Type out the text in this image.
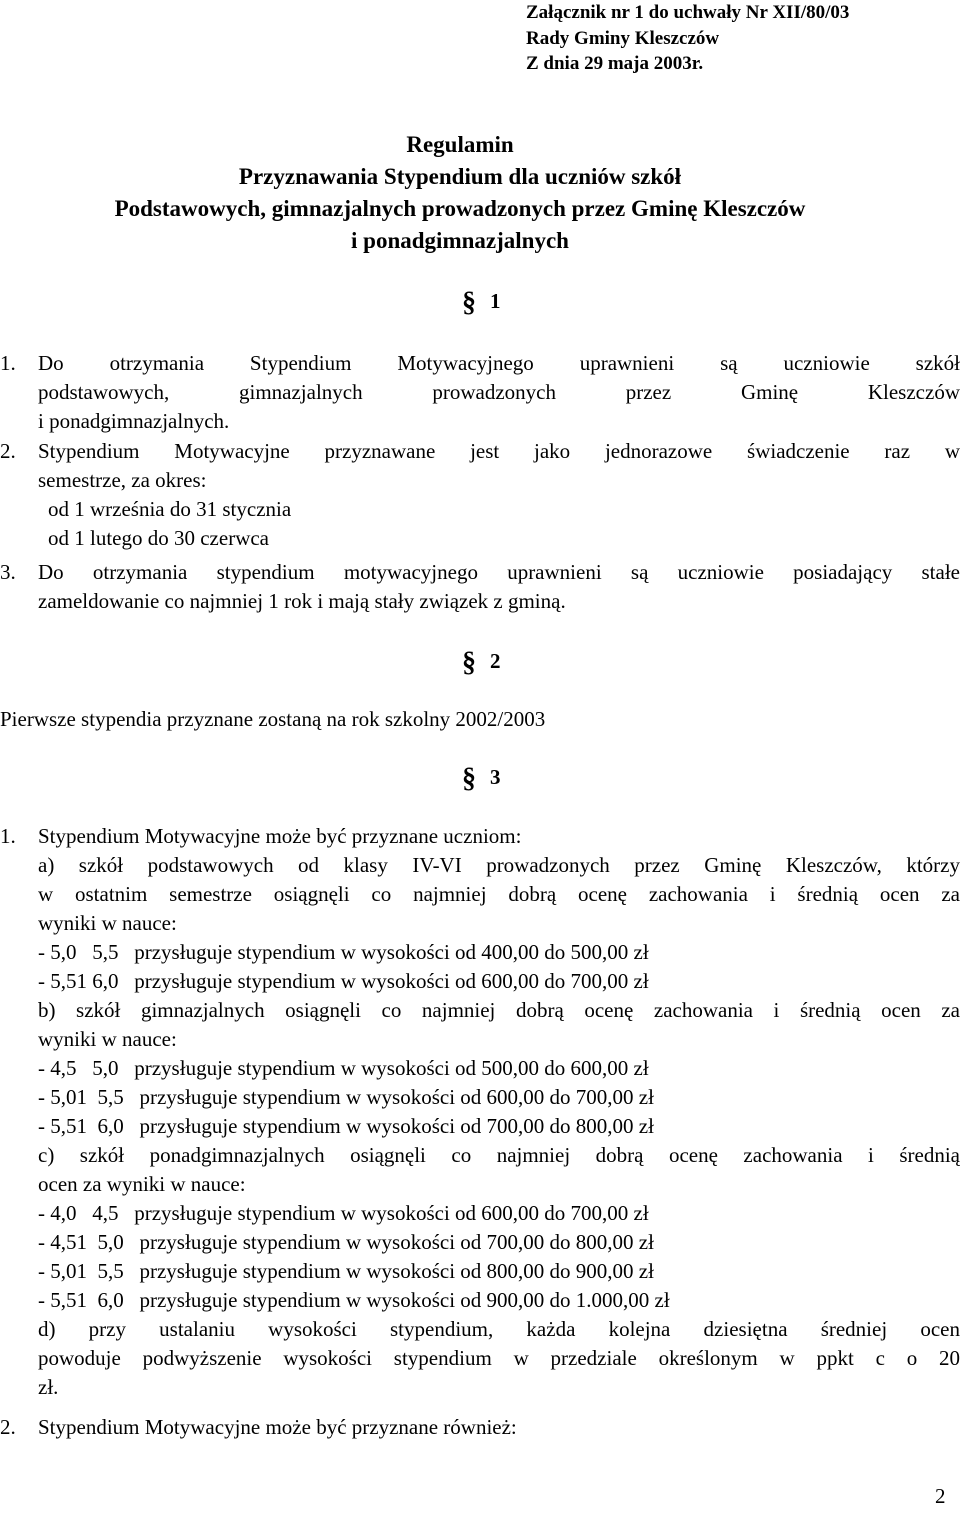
Załącznik nr 1 do uchwały Nr XII/80/03
Rady Gminy Kleszczów
Z dnia 29 maja 2003r.
Regulamin
Przyznawania Stypendium dla uczniów szkół
Podstawowych, gimnazjalnych prowadzonych przez Gminę Kleszczów
i ponadgimnazjalnych
§ 1
1. Do otrzymania Stypendium Motywacyjnego uprawnieni są uczniowie szkół

podstawowych, gimnazjalnych prowadzonych przez Gminę Kleszczów

i ponadgimnazjalnych.

2. Stypendium Motywacyjne przyznawane jest jako jednorazowe świadczenie raz w

semestrze, za okres:

od 1 września do 31 stycznia

od 1 lutego do 30 czerwca

3. Do otrzymania stypendium motywacyjnego uprawnieni są uczniowie posiadający stałe

zameldowanie co najmniej 1 rok i mają stały związek z gminą.

§ 2
Pierwsze stypendia przyznane zostaną na rok szkolny 2002/2003
§ 3
1. Stypendium Motywacyjne może być przyznane uczniom:

a) szkół podstawowych od klasy IV-VI prowadzonych przez Gminę Kleszczów, którzy

w ostatnim semestrze osiągnęli co najmniej dobrą ocenę zachowania i średnią ocen za

wyniki w nauce:

- 5,0   5,5   przysługuje stypendium w wysokości od 400,00 do 500,00 zł

- 5,51 6,0   przysługuje stypendium w wysokości od 600,00 do 700,00 zł

b) szkół gimnazjalnych osiągnęli co najmniej dobrą ocenę zachowania i średnią ocen za

wyniki w nauce:

- 4,5   5,0   przysługuje stypendium w wysokości od 500,00 do 600,00 zł

- 5,01  5,5   przysługuje stypendium w wysokości od 600,00 do 700,00 zł

- 5,51  6,0   przysługuje stypendium w wysokości od 700,00 do 800,00 zł

c) szkół ponadgimnazjalnych osiągnęli co najmniej dobrą ocenę zachowania i średnią

ocen za wyniki w nauce:

- 4,0   4,5   przysługuje stypendium w wysokości od 600,00 do 700,00 zł

- 4,51  5,0   przysługuje stypendium w wysokości od 700,00 do 800,00 zł

- 5,01  5,5   przysługuje stypendium w wysokości od 800,00 do 900,00 zł

- 5,51  6,0   przysługuje stypendium w wysokości od 900,00 do 1.000,00 zł

d) przy ustalaniu wysokości stypendium, każda kolejna dziesiętna średniej ocen

powoduje podwyższenie wysokości stypendium w przedziale określonym w ppkt c o 20

zł.

2. Stypendium Motywacyjne może być przyznane również:

2
